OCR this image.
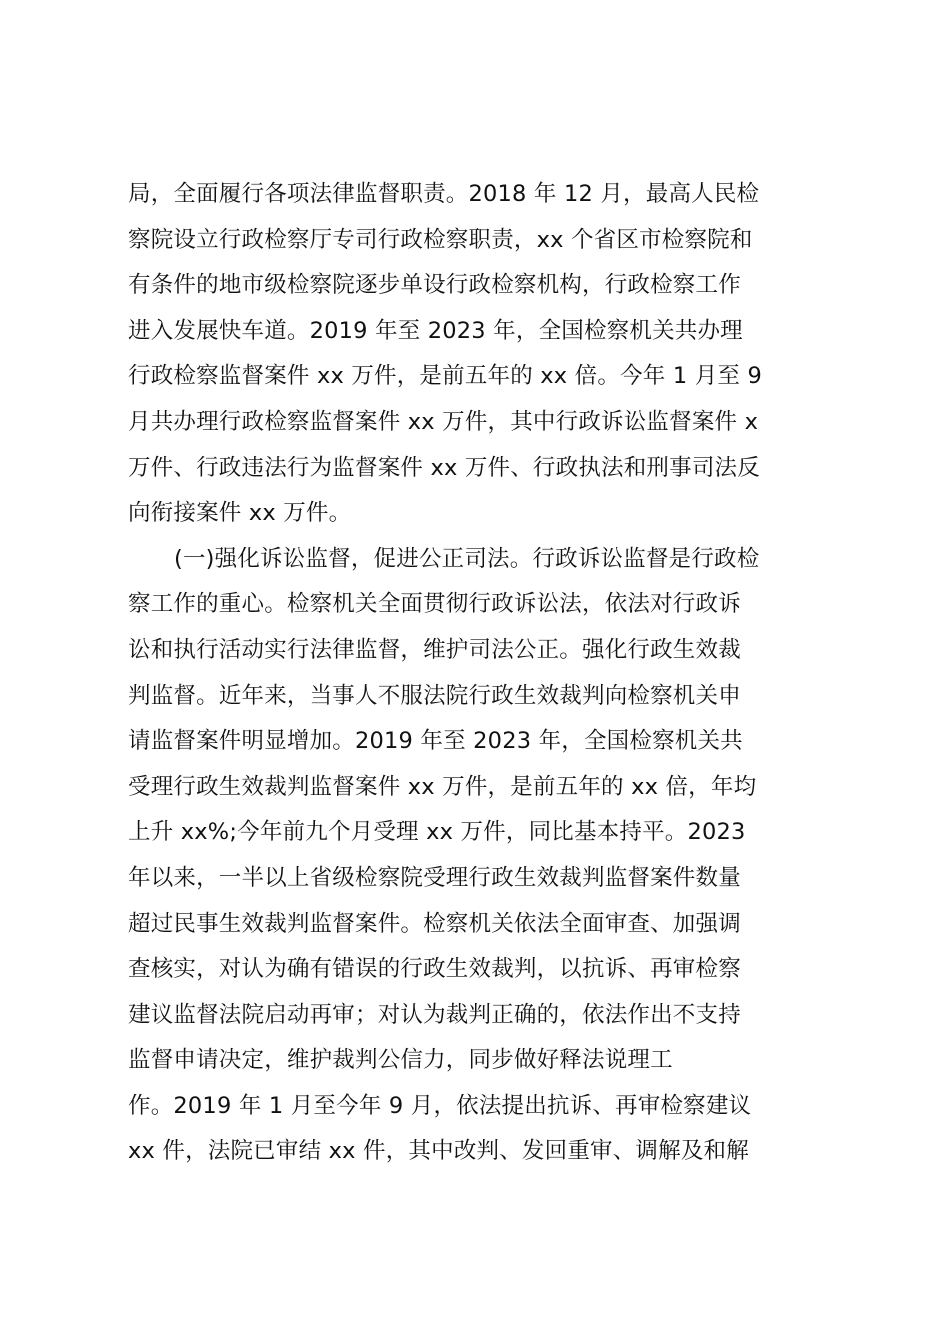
局，全面履行各项法律监督职责。2018 年 12 月，最高人民检
察院设立行政检察厅专司行政检察职责，xx 个省区市检察院和
有条件的地市级检察院逐步单设行政检察机构，行政检察工作
进入发展快车道。2019 年至 2023 年，全国检察机关共办理
行政检察监督案件 xx 万件，是前五年的 xx 倍。今年 1 月至 9
月共办理行政检察监督案件 xx 万件，其中行政诉讼监督案件 x
万件、行政违法行为监督案件 xx 万件、行政执法和刑事司法反
向衔接案件 xx 万件。
(一)强化诉讼监督，促进公正司法。行政诉讼监督是行政检
察工作的重心。检察机关全面贯彻行政诉讼法，依法对行政诉
讼和执行活动实行法律监督，维护司法公正。强化行政生效裁
判监督。近年来，当事人不服法院行政生效裁判向检察机关申
请监督案件明显增加。2019 年至 2023 年，全国检察机关共
受理行政生效裁判监督案件 xx 万件，是前五年的 xx 倍，年均
上升 xx%;今年前九个月受理 xx 万件，同比基本持平。2023
年以来，一半以上省级检察院受理行政生效裁判监督案件数量
超过民事生效裁判监督案件。检察机关依法全面审查、加强调
查核实，对认为确有错误的行政生效裁判，以抗诉、再审检察
建议监督法院启动再审；对认为裁判正确的，依法作出不支持
监督申请决定，维护裁判公信力，同步做好释法说理工
作。2019 年 1 月至今年 9 月，依法提出抗诉、再审检察建议
xx 件，法院已审结 xx 件，其中改判、发回重审、调解及和解
